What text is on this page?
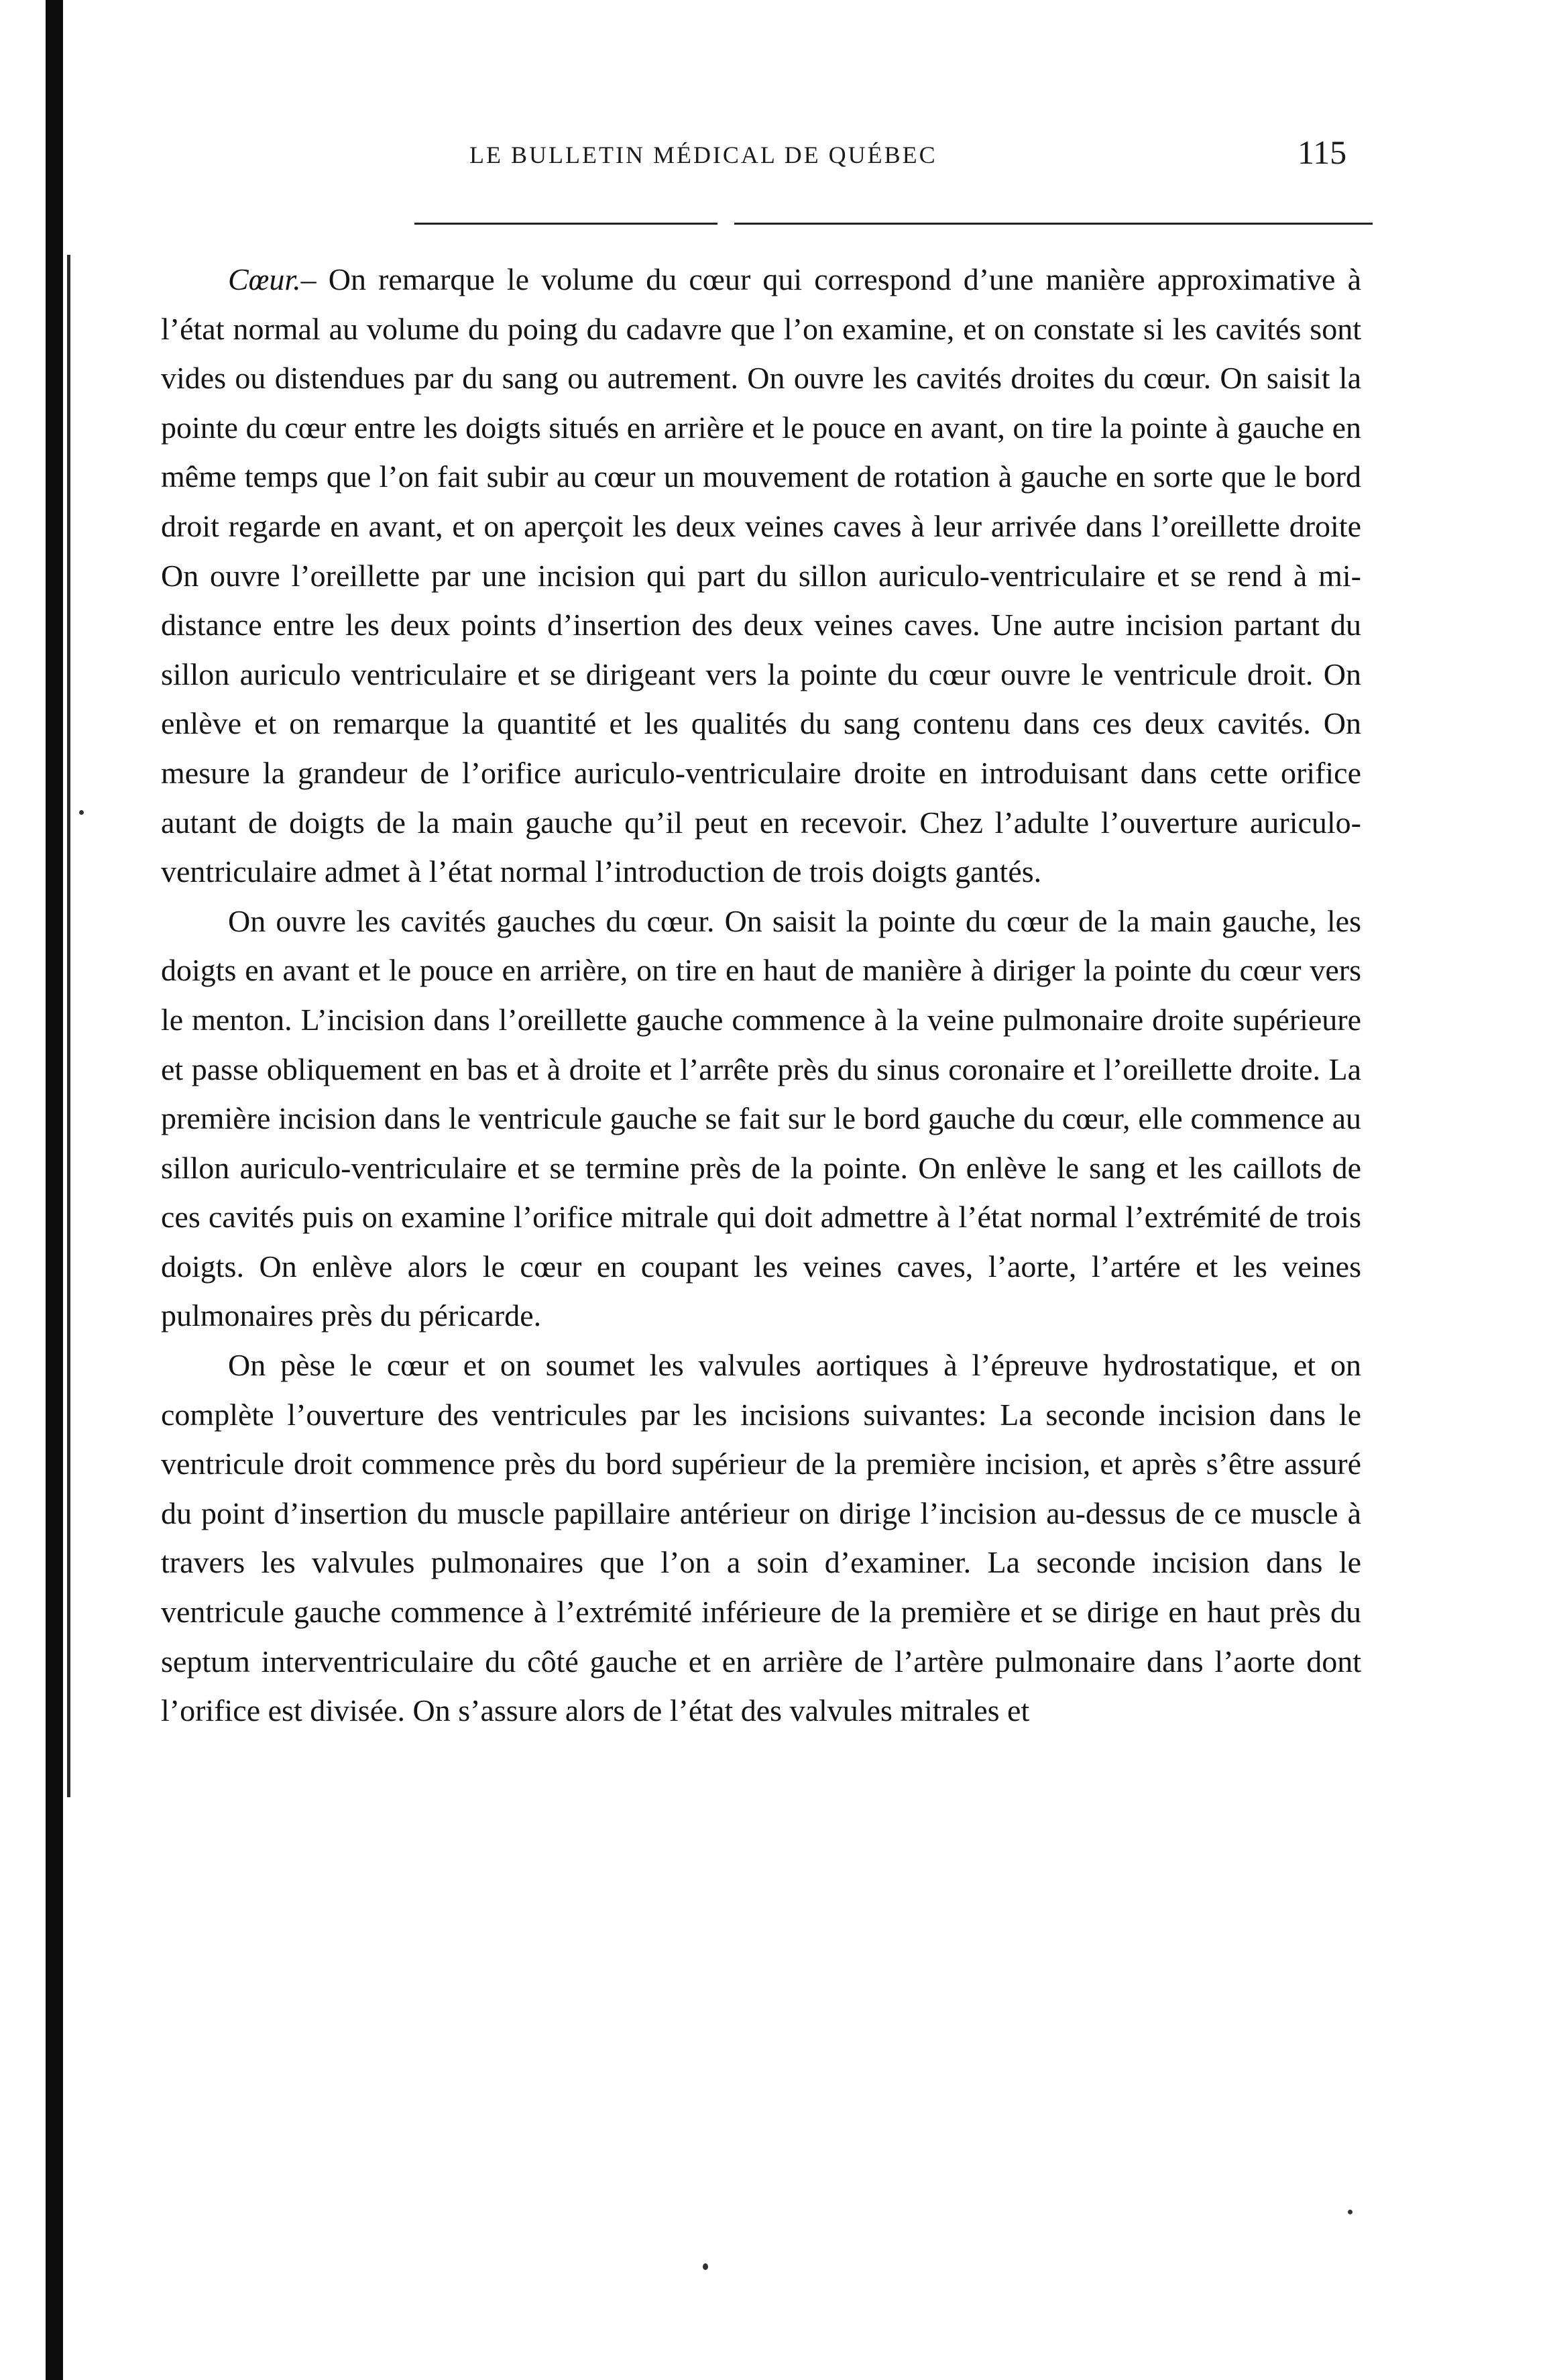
LE BULLETIN MÉDICAL DE QUÉBEC	115

Cœur.– On remarque le volume du cœur qui correspond d’une manière approximative à l’état normal au volume du poing du cadavre que l’on examine, et on constate si les cavités sont vides ou distendues par du sang ou autrement. On ouvre les cavités droites du cœur. On saisit la pointe du cœur entre les doigts situés en arrière et le pouce en avant, on tire la pointe à gauche en même temps que l’on fait subir au cœur un mouvement de rotation à gauche en sorte que le bord droit regarde en avant, et on aperçoit les deux veines caves à leur arrivée dans l’oreillette droite On ouvre l’oreillette par une incision qui part du sillon auriculo-ventriculaire et se rend à mi-distance entre les deux points d’insertion des deux veines caves. Une autre incision partant du sillon auriculo ventriculaire et se dirigeant vers la pointe du cœur ouvre le ventricule droit. On enlève et on remarque la quantité et les qualités du sang contenu dans ces deux cavités. On mesure la grandeur de l’orifice auriculo-ventriculaire droite en introduisant dans cette orifice autant de doigts de la main gauche qu’il peut en recevoir. Chez l’adulte l’ouverture auriculo-ventriculaire admet à l’état normal l’introduction de trois doigts gantés.

On ouvre les cavités gauches du cœur. On saisit la pointe du cœur de la main gauche, les doigts en avant et le pouce en arrière, on tire en haut de manière à diriger la pointe du cœur vers le menton. L’incision dans l’oreillette gauche commence à la veine pulmonaire droite supérieure et passe obliquement en bas et à droite et l’arrête près du sinus coronaire et l’oreillette droite. La première incision dans le ventricule gauche se fait sur le bord gauche du cœur, elle commence au sillon auriculo-ventriculaire et se termine près de la pointe. On enlève le sang et les caillots de ces cavités puis on examine l’orifice mitrale qui doit admettre à l’état normal l’extrémité de trois doigts. On enlève alors le cœur en coupant les veines caves, l’aorte, l’artére et les veines pulmonaires près du péricarde.

On pèse le cœur et on soumet les valvules aortiques à l’épreuve hydrostatique, et on complète l’ouverture des ventricules par les incisions suivantes: La seconde incision dans le ventricule droit commence près du bord supérieur de la première incision, et après s’être assuré du point d’insertion du muscle papillaire antérieur on dirige l’incision au-dessus de ce muscle à travers les valvules pulmonaires que l’on a soin d’examiner. La seconde incision dans le ventricule gauche commence à l’extrémité inférieure de la première et se dirige en haut près du septum interventriculaire du côté gauche et en arrière de l’artère pulmonaire dans l’aorte dont l’orifice est divisée. On s’assure alors de l’état des valvules mitrales et
